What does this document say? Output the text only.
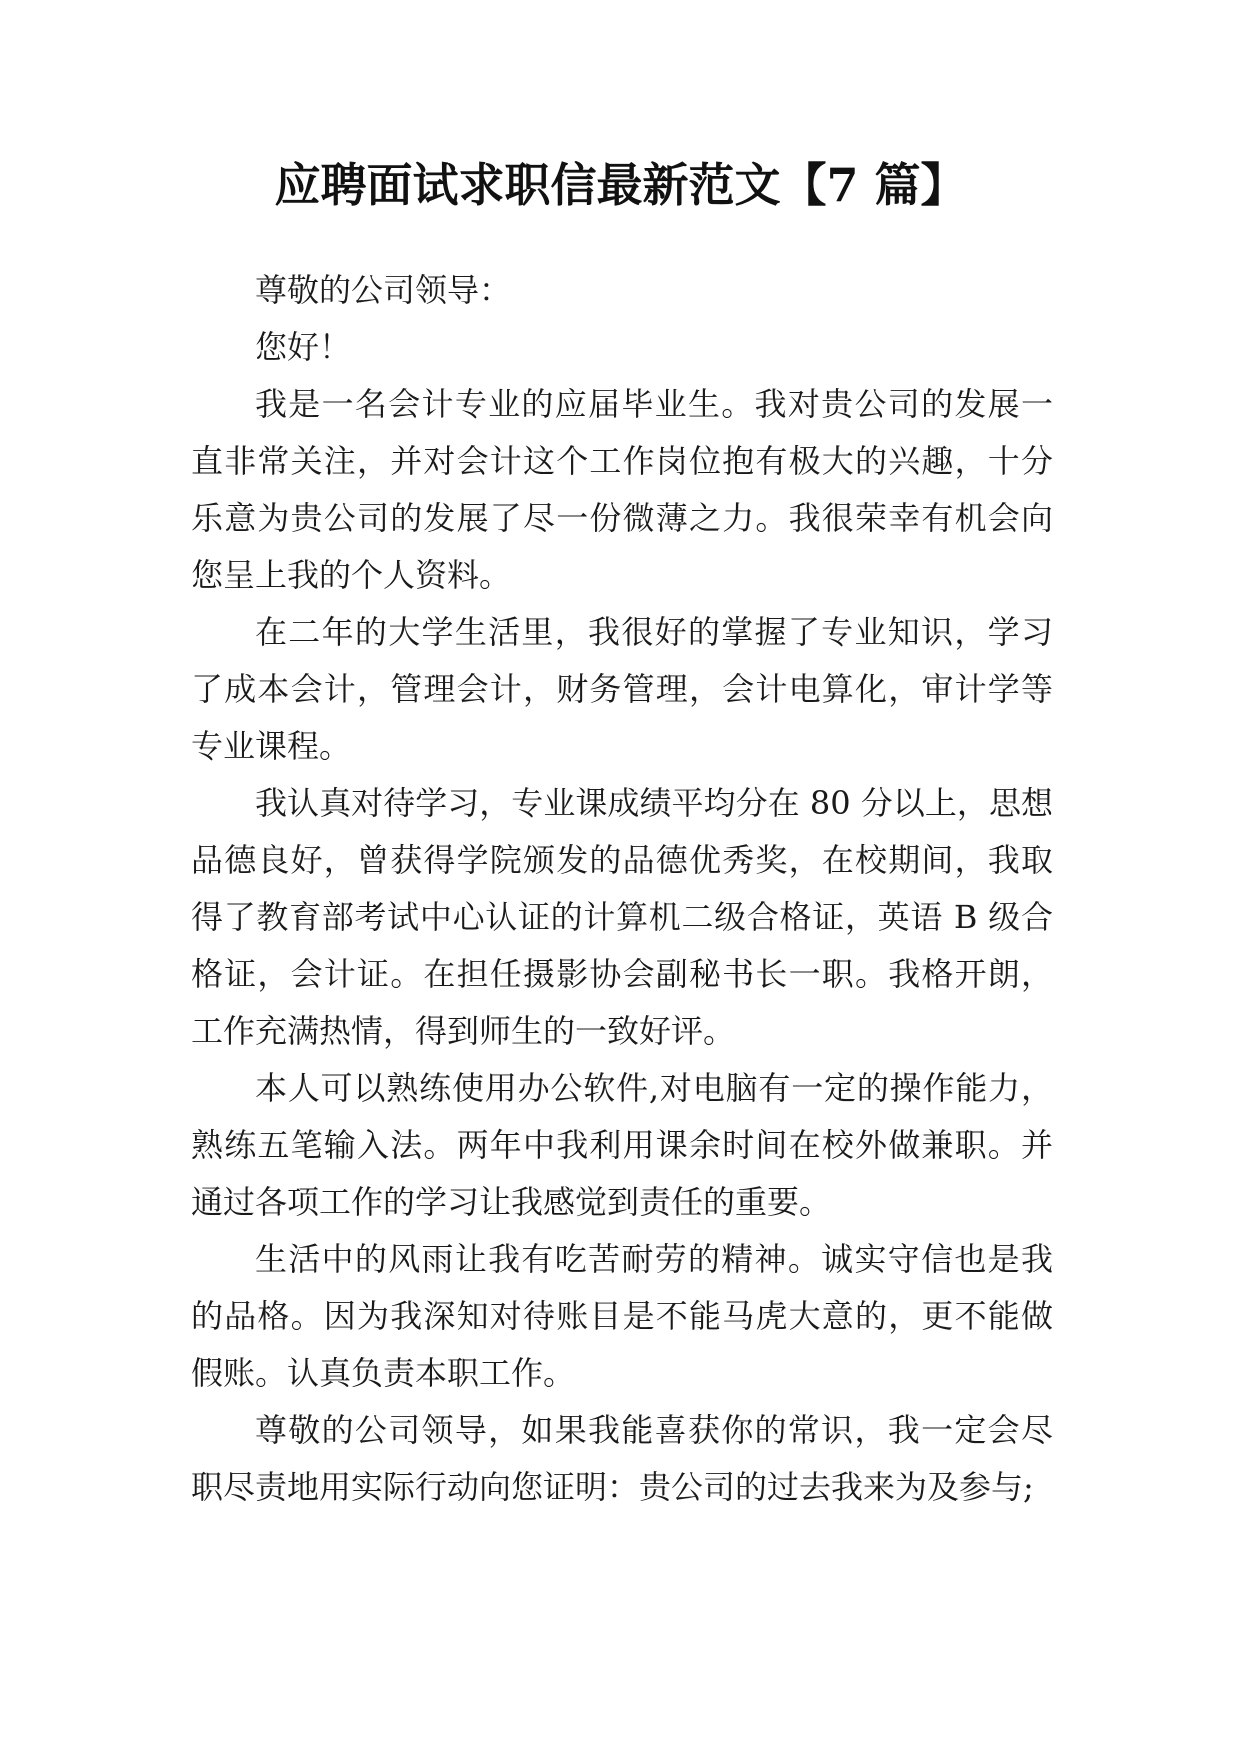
应聘面试求职信最新范文【7 篇】

尊敬的公司领导：

您好！

我是一名会计专业的应届毕业生。我对贵公司的发展一直非常关注，并对会计这个工作岗位抱有极大的兴趣，十分乐意为贵公司的发展了尽一份微薄之力。我很荣幸有机会向您呈上我的个人资料。

在二年的大学生活里，我很好的掌握了专业知识，学习了成本会计，管理会计，财务管理，会计电算化，审计学等专业课程。

我认真对待学习，专业课成绩平均分在 80 分以上，思想品德良好，曾获得学院颁发的品德优秀奖，在校期间，我取得了教育部考试中心认证的计算机二级合格证，英语 B 级合格证，会计证。在担任摄影协会副秘书长一职。我格开朗，工作充满热情，得到师生的一致好评。

本人可以熟练使用办公软件,对电脑有一定的操作能力，熟练五笔输入法。两年中我利用课余时间在校外做兼职。并通过各项工作的学习让我感觉到责任的重要。

生活中的风雨让我有吃苦耐劳的精神。诚实守信也是我的品格。因为我深知对待账目是不能马虎大意的，更不能做假账。认真负责本职工作。

尊敬的公司领导，如果我能喜获你的常识，我一定会尽职尽责地用实际行动向您证明：贵公司的过去我来为及参与;
